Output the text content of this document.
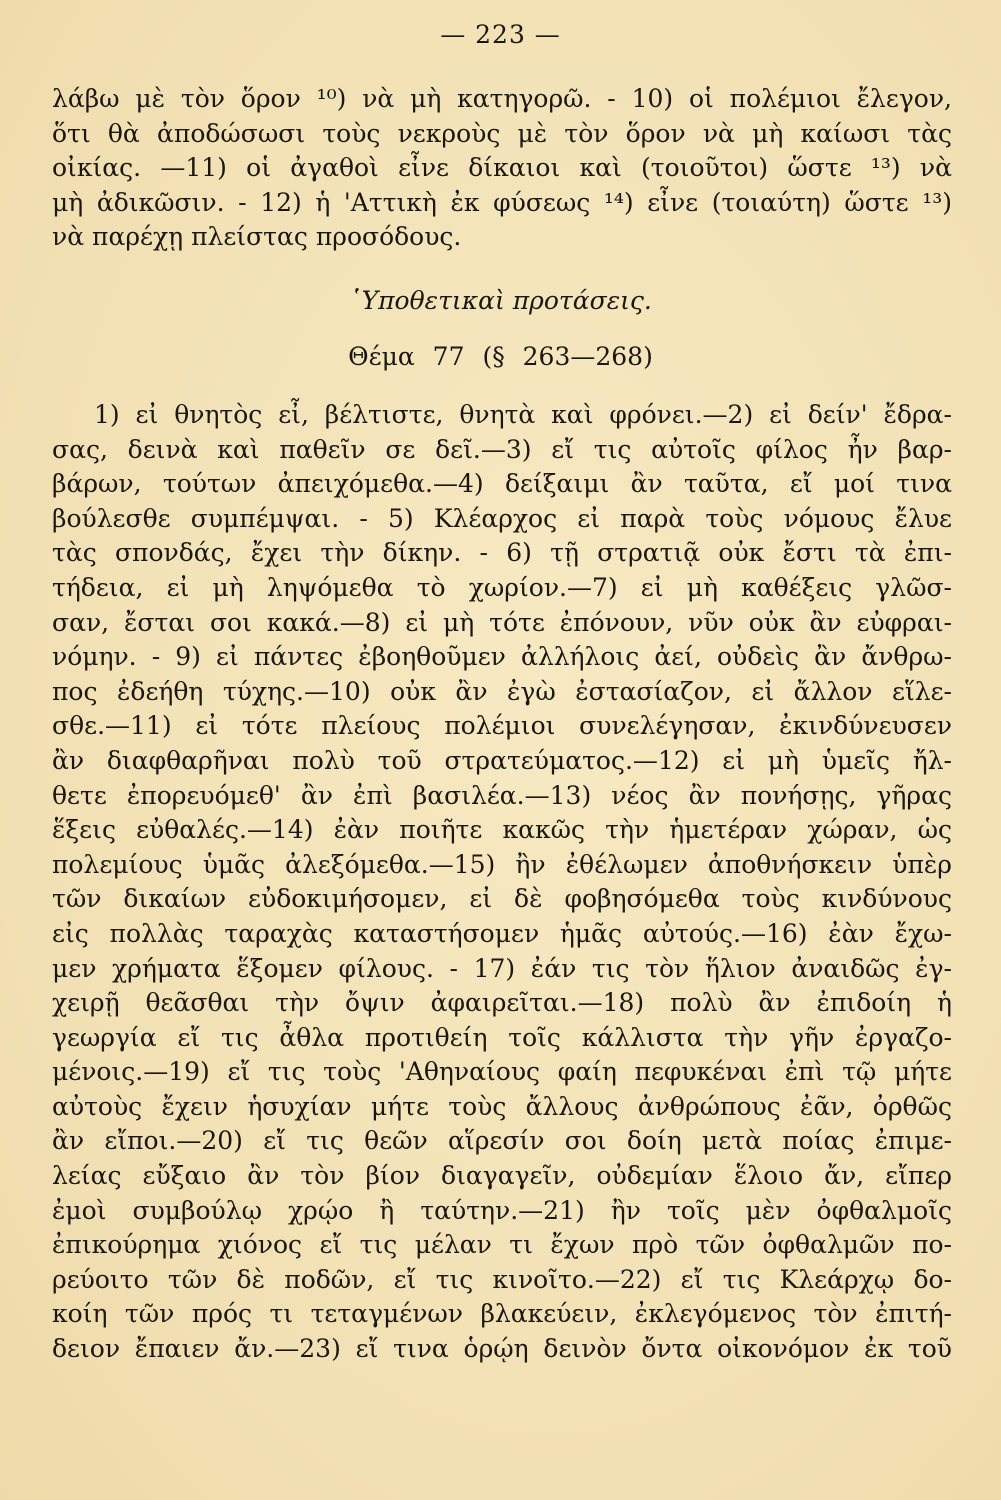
— 223 —
λάβω μὲ τὸν ὅρον ¹⁰) νὰ μὴ κατηγορῶ. - 10) οἱ πολέμιοι ἔλεγον,
ὅτι θὰ ἀποδώσωσι τοὺς νεκροὺς μὲ τὸν ὅρον νὰ μὴ καίωσι τὰς
οἰκίας. —11) οἱ ἀγαθοὶ εἶνε δίκαιοι καὶ (τοιοῦτοι) ὥστε ¹³) νὰ
μὴ ἀδικῶσιν. - 12) ἡ 'Αττικὴ ἐκ φύσεως ¹⁴) εἶνε (τοιαύτη) ὥστε ¹³)
νὰ παρέχῃ πλείστας προσόδους.
῾Υποθετικαὶ προτάσεις.
Θέμα 77 (§ 263—268)
1) εἰ θνητὸς εἶ, βέλτιστε, θνητὰ καὶ φρόνει.—2) εἰ δείν' ἔδρα-
σας, δεινὰ καὶ παθεῖν σε δεῖ.—3) εἴ τις αὐτοῖς φίλος ἦν βαρ-
βάρων, τούτων ἀπειχόμεθα.—4) δείξαιμι ἂν ταῦτα, εἴ μοί τινα
βούλεσθε συμπέμψαι. - 5) Κλέαρχος εἰ παρὰ τοὺς νόμους ἔλυε
τὰς σπονδάς, ἔχει τὴν δίκην. - 6) τῇ στρατιᾷ οὐκ ἔστι τὰ ἐπι-
τήδεια, εἰ μὴ ληψόμεθα τὸ χωρίον.—7) εἰ μὴ καθέξεις γλῶσ-
σαν, ἔσται σοι κακά.—8) εἰ μὴ τότε ἐπόνουν, νῦν οὐκ ἂν εὐφραι-
νόμην. - 9) εἰ πάντες ἐβοηθοῦμεν ἀλλήλοις ἀεί, οὐδεὶς ἂν ἄνθρω-
πος ἐδεήθη τύχης.—10) οὐκ ἂν ἐγὼ ἐστασίαζον, εἰ ἄλλον εἵλε-
σθε.—11) εἰ τότε πλείους πολέμιοι συνελέγησαν, ἐκινδύνευσεν
ἂν διαφθαρῆναι πολὺ τοῦ στρατεύματος.—12) εἰ μὴ ὑμεῖς ἤλ-
θετε ἐπορευόμεθ' ἂν ἐπὶ βασιλέα.—13) νέος ἂν πονήσῃς, γῆρας
ἕξεις εὐθαλές.—14) ἐὰν ποιῆτε κακῶς τὴν ἡμετέραν χώραν, ὡς
πολεμίους ὑμᾶς ἀλεξόμεθα.—15) ἢν ἐθέλωμεν ἀποθνήσκειν ὑπὲρ
τῶν δικαίων εὐδοκιμήσομεν, εἰ δὲ φοβησόμεθα τοὺς κινδύνους
εἰς πολλὰς ταραχὰς καταστήσομεν ἡμᾶς αὐτούς.—16) ἐὰν ἔχω-
μεν χρήματα ἕξομεν φίλους. - 17) ἐάν τις τὸν ἥλιον ἀναιδῶς ἐγ-
χειρῇ θεᾶσθαι τὴν ὄψιν ἀφαιρεῖται.—18) πολὺ ἂν ἐπιδοίη ἡ
γεωργία εἴ τις ἆθλα προτιθείη τοῖς κάλλιστα τὴν γῆν ἐργαζο-
μένοις.—19) εἴ τις τοὺς 'Αθηναίους φαίη πεφυκέναι ἐπὶ τῷ μήτε
αὐτοὺς ἔχειν ἡσυχίαν μήτε τοὺς ἄλλους ἀνθρώπους ἐᾶν, ὀρθῶς
ἂν εἴποι.—20) εἴ τις θεῶν αἵρεσίν σοι δοίη μετὰ ποίας ἐπιμε-
λείας εὔξαιο ἂν τὸν βίον διαγαγεῖν, οὐδεμίαν ἕλοιο ἄν, εἴπερ
ἐμοὶ συμβούλῳ χρῴο ἢ ταύτην.—21) ἢν τοῖς μὲν ὀφθαλμοῖς
ἐπικούρημα χιόνος εἴ τις μέλαν τι ἔχων πρὸ τῶν ὀφθαλμῶν πο-
ρεύοιτο τῶν δὲ ποδῶν, εἴ τις κινοῖτο.—22) εἴ τις Κλεάρχῳ δο-
κοίη τῶν πρός τι τεταγμένων βλακεύειν, ἐκλεγόμενος τὸν ἐπιτή-
δειον ἔπαιεν ἄν.—23) εἴ τινα ὁρῴη δεινὸν ὄντα οἰκονόμον ἐκ τοῦ
